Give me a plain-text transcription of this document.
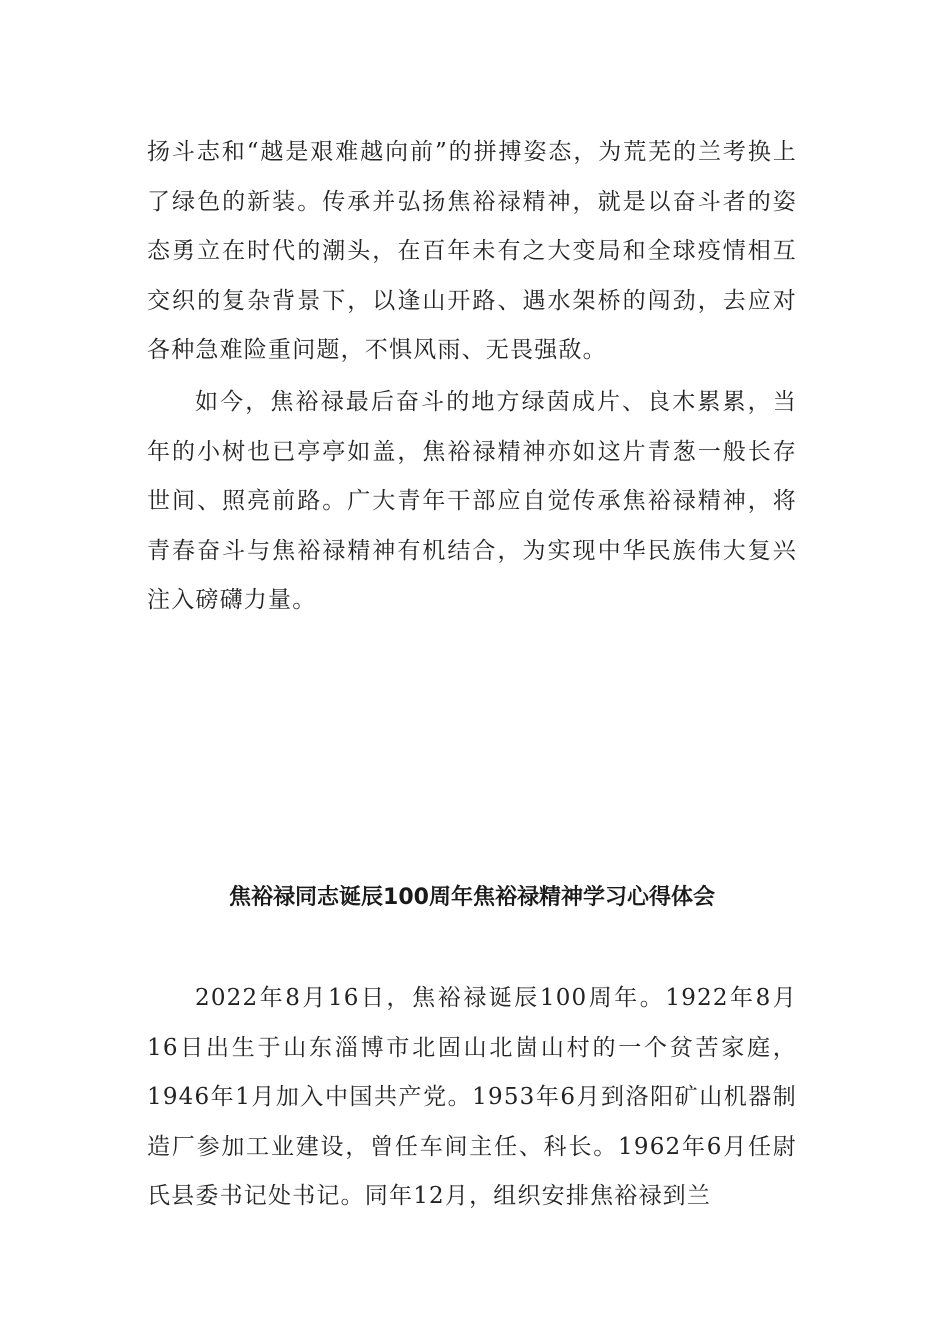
扬斗志和“越是艰难越向前”的拼搏姿态，为荒芜的兰考换上了绿色的新装。传承并弘扬焦裕禄精神，就是以奋斗者的姿态勇立在时代的潮头，在百年未有之大变局和全球疫情相互交织的复杂背景下，以逢山开路、遇水架桥的闯劲，去应对各种急难险重问题，不惧风雨、无畏强敌。

如今，焦裕禄最后奋斗的地方绿茵成片、良木累累，当年的小树也已亭亭如盖，焦裕禄精神亦如这片青葱一般长存世间、照亮前路。广大青年干部应自觉传承焦裕禄精神，将青春奋斗与焦裕禄精神有机结合，为实现中华民族伟大复兴注入磅礴力量。

焦裕禄同志诞辰100周年焦裕禄精神学习心得体会

2022年8月16日，焦裕禄诞辰100周年。1922年8月16日出生于山东淄博市北固山北崮山村的一个贫苦家庭，1946年1月加入中国共产党。1953年6月到洛阳矿山机器制造厂参加工业建设，曾任车间主任、科长。1962年6月任尉氏县委书记处书记。同年12月，组织安排焦裕禄到兰
